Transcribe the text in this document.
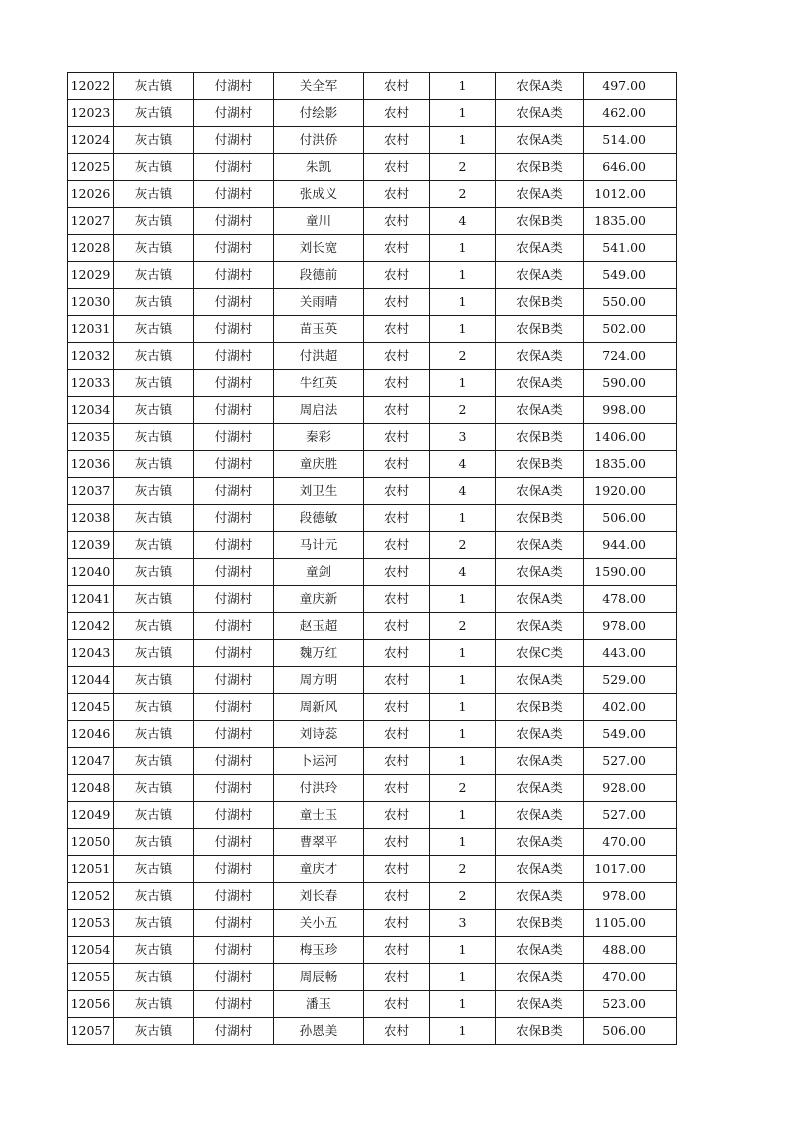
12022	灰古镇	付湖村	关全军	农村	1	农保A类	497.00
12023	灰古镇	付湖村	付绘影	农村	1	农保A类	462.00
12024	灰古镇	付湖村	付洪侨	农村	1	农保A类	514.00
12025	灰古镇	付湖村	朱凯	农村	2	农保B类	646.00
12026	灰古镇	付湖村	张成义	农村	2	农保A类	1012.00
12027	灰古镇	付湖村	童川	农村	4	农保B类	1835.00
12028	灰古镇	付湖村	刘长宽	农村	1	农保A类	541.00
12029	灰古镇	付湖村	段德前	农村	1	农保A类	549.00
12030	灰古镇	付湖村	关雨晴	农村	1	农保B类	550.00
12031	灰古镇	付湖村	苗玉英	农村	1	农保B类	502.00
12032	灰古镇	付湖村	付洪超	农村	2	农保A类	724.00
12033	灰古镇	付湖村	牛红英	农村	1	农保A类	590.00
12034	灰古镇	付湖村	周启法	农村	2	农保A类	998.00
12035	灰古镇	付湖村	秦彩	农村	3	农保B类	1406.00
12036	灰古镇	付湖村	童庆胜	农村	4	农保B类	1835.00
12037	灰古镇	付湖村	刘卫生	农村	4	农保A类	1920.00
12038	灰古镇	付湖村	段德敏	农村	1	农保B类	506.00
12039	灰古镇	付湖村	马计元	农村	2	农保A类	944.00
12040	灰古镇	付湖村	童剑	农村	4	农保A类	1590.00
12041	灰古镇	付湖村	童庆新	农村	1	农保A类	478.00
12042	灰古镇	付湖村	赵玉超	农村	2	农保A类	978.00
12043	灰古镇	付湖村	魏万红	农村	1	农保C类	443.00
12044	灰古镇	付湖村	周方明	农村	1	农保A类	529.00
12045	灰古镇	付湖村	周新风	农村	1	农保B类	402.00
12046	灰古镇	付湖村	刘诗蕊	农村	1	农保A类	549.00
12047	灰古镇	付湖村	卜运河	农村	1	农保A类	527.00
12048	灰古镇	付湖村	付洪玲	农村	2	农保A类	928.00
12049	灰古镇	付湖村	童士玉	农村	1	农保A类	527.00
12050	灰古镇	付湖村	曹翠平	农村	1	农保A类	470.00
12051	灰古镇	付湖村	童庆才	农村	2	农保A类	1017.00
12052	灰古镇	付湖村	刘长春	农村	2	农保A类	978.00
12053	灰古镇	付湖村	关小五	农村	3	农保B类	1105.00
12054	灰古镇	付湖村	梅玉珍	农村	1	农保A类	488.00
12055	灰古镇	付湖村	周辰畅	农村	1	农保A类	470.00
12056	灰古镇	付湖村	潘玉	农村	1	农保A类	523.00
12057	灰古镇	付湖村	孙恩美	农村	1	农保B类	506.00
